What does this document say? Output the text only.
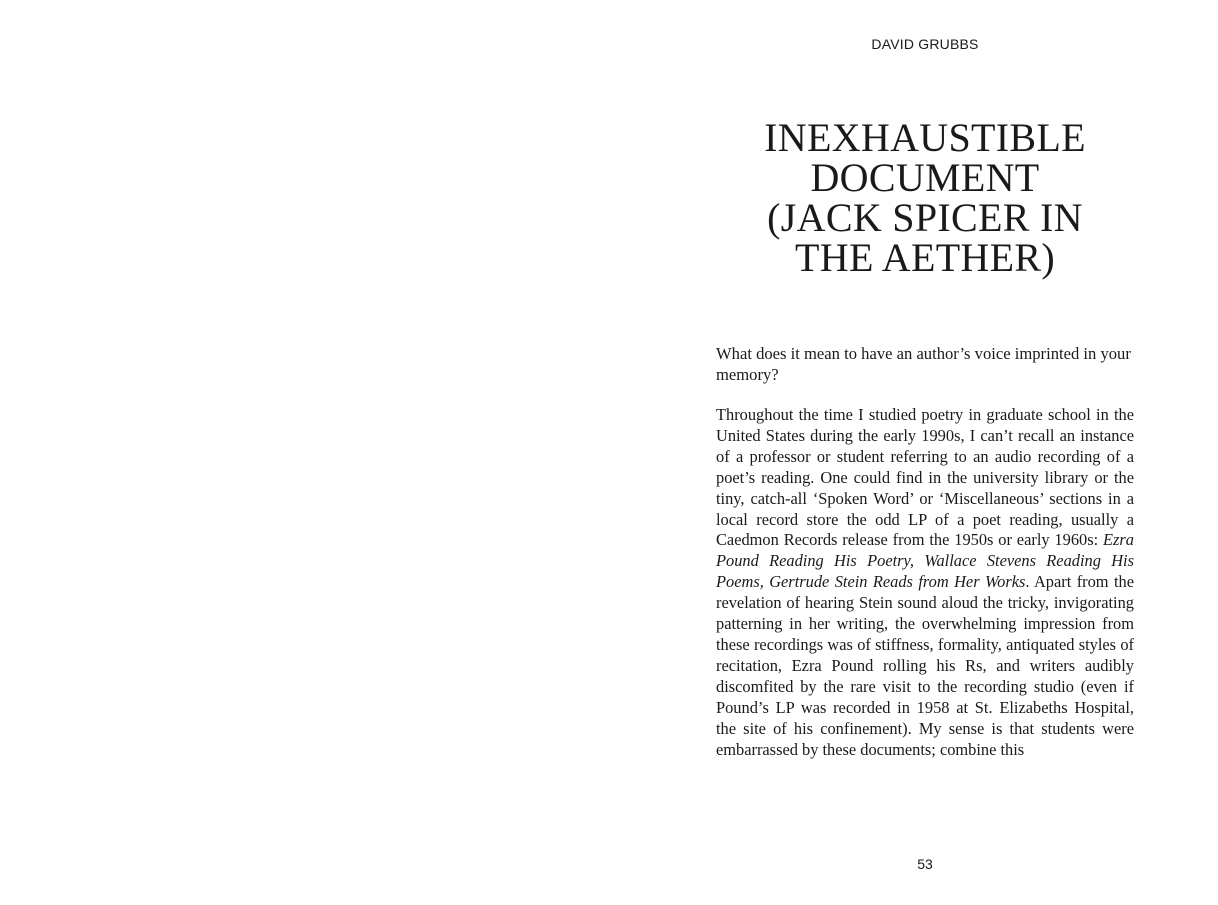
DAVID GRUBBS
INEXHAUSTIBLE
DOCUMENT
(JACK SPICER IN
THE AETHER)

What does it mean to have an author’s voice imprinted in your memory?

Throughout the time I studied poetry in graduate school in the United States during the early 1990s, I can’t recall an instance of a professor or student referring to an audio recording of a poet’s reading. One could find in the university library or the tiny, catch-all ‘Spoken Word’ or ‘Miscellaneous’ sections in a local record store the odd LP of a poet reading, usually a Caedmon Records release from the 1950s or early 1960s: Ezra Pound Reading His Poetry, Wallace Stevens Reading His Poems, Gertrude Stein Reads from Her Works. Apart from the revelation of hearing Stein sound aloud the tricky, invigorating patterning in her writing, the overwhelming impression from these recordings was of stiffness, formality, antiquated styles of recitation, Ezra Pound rolling his Rs, and writers audibly discomfited by the rare visit to the recording studio (even if Pound’s LP was recorded in 1958 at St. Elizabeths Hospital, the site of his confinement). My sense is that students were embarrassed by these documents; combine this

53
